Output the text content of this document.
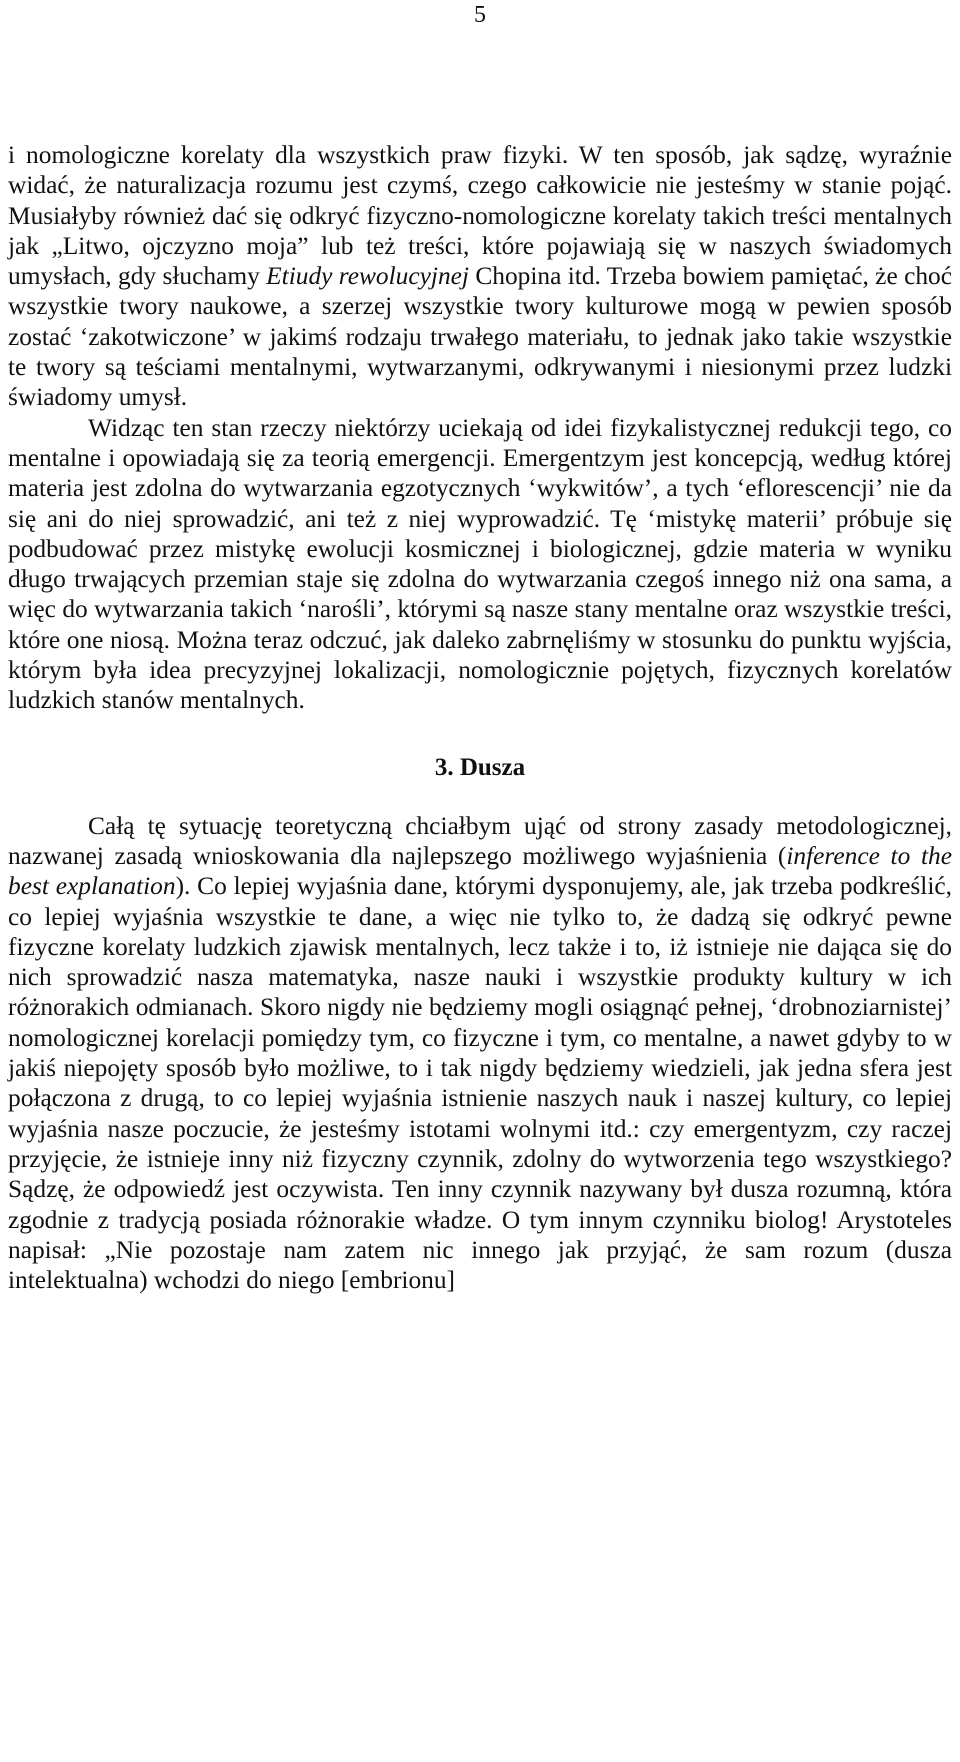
5

i nomologiczne korelaty dla wszystkich praw fizyki. W ten sposób, jak sądzę, wyraźnie widać, że naturalizacja rozumu jest czymś, czego całkowicie nie jesteśmy w stanie pojąć. Musiałyby również dać się odkryć fizyczno-nomologiczne korelaty takich treści mentalnych jak „Litwo, ojczyzno moja” lub też treści, które pojawiają się w naszych świadomych umysłach, gdy słuchamy Etiudy rewolucyjnej Chopina itd. Trzeba bowiem pamiętać, że choć wszystkie twory naukowe, a szerzej wszystkie twory kulturowe mogą w pewien sposób zostać ‘zakotwiczone’ w jakimś rodzaju trwałego materiału, to jednak jako takie wszystkie te twory są teściami mentalnymi, wytwarzanymi, odkrywanymi i niesionymi przez ludzki świadomy umysł.

Widząc ten stan rzeczy niektórzy uciekają od idei fizykalistycznej redukcji tego, co mentalne i opowiadają się za teorią emergencji. Emergentzym jest koncepcją, według której materia jest zdolna do wytwarzania egzotycznych ‘wykwitów’, a tych ‘eflorescencji’ nie da się ani do niej sprowadzić, ani też z niej wyprowadzić. Tę ‘mistykę materii’ próbuje się podbudować przez mistykę ewolucji kosmicznej i biologicznej, gdzie materia w wyniku długo trwających przemian staje się zdolna do wytwarzania czegoś innego niż ona sama, a więc do wytwarzania takich ‘narośli’, którymi są nasze stany mentalne oraz wszystkie treści, które one niosą. Można teraz odczuć, jak daleko zabrnęliśmy w stosunku do punktu wyjścia, którym była idea precyzyjnej lokalizacji, nomologicznie pojętych, fizycznych korelatów ludzkich stanów mentalnych.

3. Dusza

Całą tę sytuację teoretyczną chciałbym ująć od strony zasady metodologicznej, nazwanej zasadą wnioskowania dla najlepszego możliwego wyjaśnienia (inference to the best explanation). Co lepiej wyjaśnia dane, którymi dysponujemy, ale, jak trzeba podkreślić, co lepiej wyjaśnia wszystkie te dane, a więc nie tylko to, że dadzą się odkryć pewne fizyczne korelaty ludzkich zjawisk mentalnych, lecz także i to, iż istnieje nie dająca się do nich sprowadzić nasza matematyka, nasze nauki i wszystkie produkty kultury w ich różnorakich odmianach. Skoro nigdy nie będziemy mogli osiągnąć pełnej, ‘drobnoziarnistej’ nomologicznej korelacji pomiędzy tym, co fizyczne i tym, co mentalne, a nawet gdyby to w jakiś niepojęty sposób było możliwe, to i tak nigdy będziemy wiedzieli, jak jedna sfera jest połączona z drugą, to co lepiej wyjaśnia istnienie naszych nauk i naszej kultury, co lepiej wyjaśnia nasze poczucie, że jesteśmy istotami wolnymi itd.: czy emergentyzm, czy raczej przyjęcie, że istnieje inny niż fizyczny czynnik, zdolny do wytworzenia tego wszystkiego? Sądzę, że odpowiedź jest oczywista. Ten inny czynnik nazywany był dusza rozumną, która zgodnie z tradycją posiada różnorakie władze. O tym innym czynniku biolog! Arystoteles napisał: „Nie pozostaje nam zatem nic innego jak przyjąć, że sam rozum (dusza intelektualna) wchodzi do niego [embrionu]
